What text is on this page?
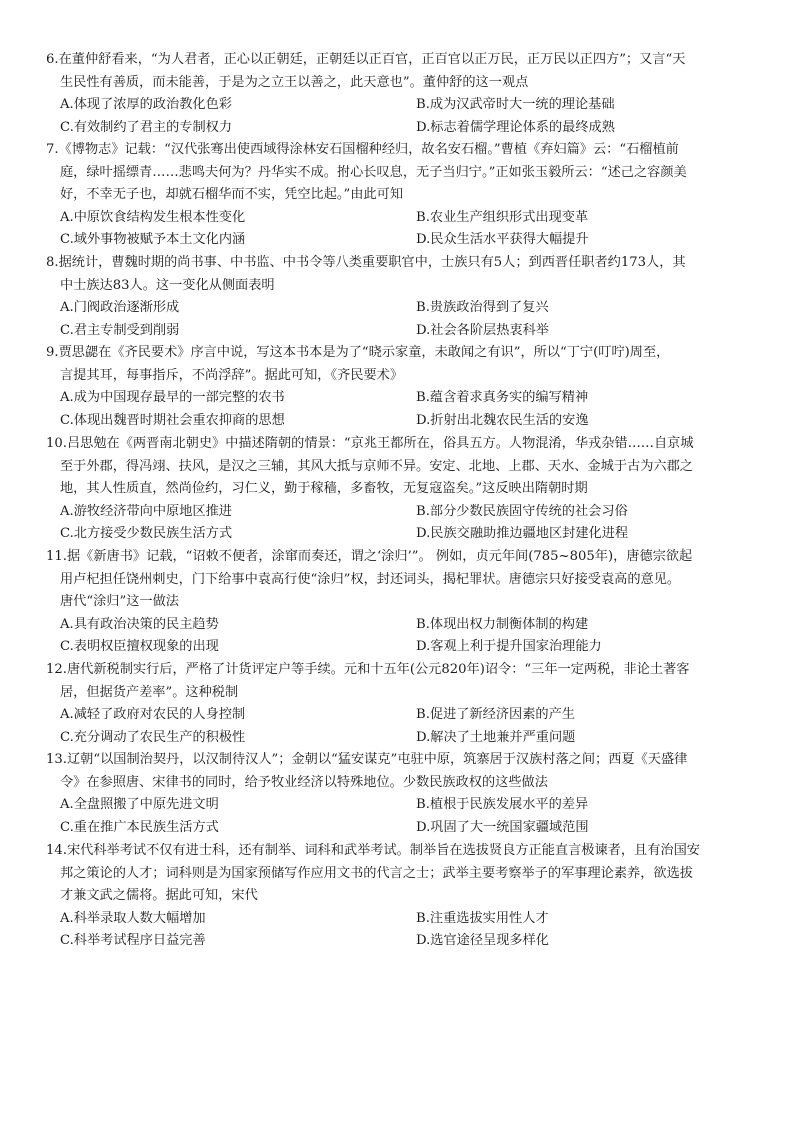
6.在董仲舒看来，“为人君者，正心以正朝廷，正朝廷以正百官，正百官以正万民，正万民以正四方”；又言“天
生民性有善质，而未能善，于是为之立王以善之，此天意也”。董仲舒的这一观点
A.体现了浓厚的政治教化色彩	B.成为汉武帝时大一统的理论基础
C.有效制约了君主的专制权力	D.标志着儒学理论体系的最终成熟
7.《博物志》记载：“汉代张骞出使西域得涂林安石国榴种经归，故名安石榴。”曹植《弃妇篇》云：“石榴植前
庭，绿叶摇缥青……悲鸣夫何为？丹华实不成。拊心长叹息，无子当归宁。”正如张玉毅所云：“述己之容颜美
好，不幸无子也，却就石榴华而不实，凭空比起。”由此可知
A.中原饮食结构发生根本性变化	B.农业生产组织形式出现变革
C.域外事物被赋予本土文化内涵	D.民众生活水平获得大幅提升
8.据统计，曹魏时期的尚书事、中书监、中书令等八类重要职官中，士族只有5人；到西晋任职者约173人，其
中士族达83人。这一变化从侧面表明
A.门阀政治逐渐形成	B.贵族政治得到了复兴
C.君主专制受到削弱	D.社会各阶层热衷科举
9.贾思勰在《齐民要术》序言中说，写这本书本是为了“晓示家童，未敢闻之有识”，所以“丁宁(叮咛)周至，
言提其耳，每事指斥，不尚浮辞”。据此可知，《齐民要术》
A.成为中国现存最早的一部完整的农书	B.蕴含着求真务实的编写精神
C.体现出魏晋时期社会重农抑商的思想	D.折射出北魏农民生活的安逸
10.吕思勉在《两晋南北朝史》中描述隋朝的情景：“京兆王都所在，俗具五方。人物混淆，华戎杂错……自京城
至于外郡，得冯翊、扶风，是汉之三辅，其风大抵与京师不异。安定、北地、上郡、天水、金城于古为六郡之
地，其人性质直，然尚俭约，习仁义，勤于稼穑，多畜牧，无复寇盗矣。”这反映出隋朝时期
A.游牧经济带向中原地区推进	B.部分少数民族固守传统的社会习俗
C.北方接受少数民族生活方式	D.民族交融助推边疆地区封建化进程
11.据《新唐书》记载，“诏敕不便者，涂窜而奏还，谓之‘涂归’”。 例如，贞元年间(785~805年)，唐德宗欲起
用卢杞担任饶州刺史，门下给事中袁高行使“涂归”权，封还词头，揭杞罪状。唐德宗只好接受袁高的意见。
唐代“涂归”这一做法
A.具有政治决策的民主趋势	B.体现出权力制衡体制的构建
C.表明权臣擅权现象的出现	D.客观上利于提升国家治理能力
12.唐代新税制实行后，严格了计货评定户等手续。元和十五年(公元820年)诏令：“三年一定两税，非论土著客
居，但据货产差率”。这种税制
A.减轻了政府对农民的人身控制	B.促进了新经济因素的产生
C.充分调动了农民生产的积极性	D.解决了土地兼并严重问题
13.辽朝“以国制治契丹，以汉制待汉人”；金朝以“猛安谋克”屯驻中原，筑寨居于汉族村落之间；西夏《天盛律
令》在参照唐、宋律书的同时，给予牧业经济以特殊地位。少数民族政权的这些做法
A.全盘照搬了中原先进文明	B.植根于民族发展水平的差异
C.重在推广本民族生活方式	D.巩固了大一统国家疆域范围
14.宋代科举考试不仅有进士科，还有制举、词科和武举考试。制举旨在选拔贤良方正能直言极谏者，且有治国安
邦之策论的人才；词科则是为国家预储写作应用文书的代言之士；武举主要考察举子的军事理论素养，欲选拔
才兼文武之儒将。据此可知，宋代
A.科举录取人数大幅增加	B.注重选拔实用性人才
C.科举考试程序日益完善	D.选官途径呈现多样化
